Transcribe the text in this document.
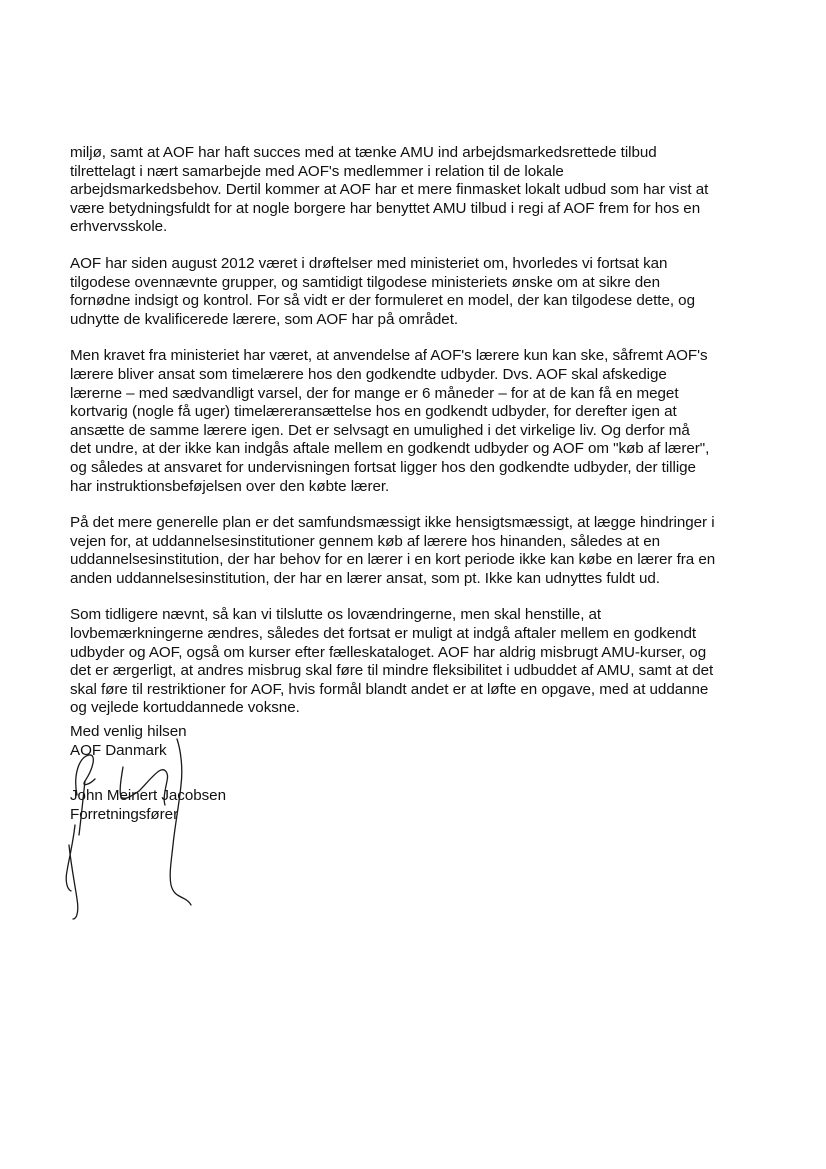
miljø, samt at AOF har haft succes med at tænke AMU ind arbejdsmarkedsrettede tilbud
tilrettelagt i nært samarbejde med AOF's medlemmer i relation til de lokale
arbejdsmarkedsbehov. Dertil kommer at AOF har et mere finmasket lokalt udbud som har vist at
være betydningsfuldt for at nogle borgere har benyttet AMU tilbud i regi af AOF frem for hos en
erhvervsskole.
AOF har siden august 2012 været i drøftelser med ministeriet om, hvorledes vi fortsat kan
tilgodese ovennævnte grupper, og samtidigt tilgodese ministeriets ønske om at sikre den
fornødne indsigt og kontrol. For så vidt er der formuleret en model, der kan tilgodese dette, og
udnytte de kvalificerede lærere, som AOF har på området.
Men kravet fra ministeriet har været, at anvendelse af AOF's lærere kun kan ske, såfremt AOF's
lærere bliver ansat som timelærere hos den godkendte udbyder. Dvs. AOF skal afskedige
lærerne – med sædvandligt varsel, der for mange er 6 måneder – for at de kan få en meget
kortvarig (nogle få uger) timelæreransættelse hos en godkendt udbyder, for derefter igen at
ansætte de samme lærere igen. Det er selvsagt en umulighed i det virkelige liv. Og derfor må
det undre, at der ikke kan indgås aftale mellem en godkendt udbyder og AOF om "køb af lærer",
og således at ansvaret for undervisningen fortsat ligger hos den godkendte udbyder, der tillige
har instruktionsbeføjelsen over den købte lærer.
På det mere generelle plan er det samfundsmæssigt ikke hensigtsmæssigt, at lægge hindringer i
vejen for, at uddannelsesinstitutioner gennem køb af lærere hos hinanden, således at en
uddannelsesinstitution, der har behov for en lærer i en kort periode ikke kan købe en lærer fra en
anden uddannelsesinstitution, der har en lærer ansat, som pt. Ikke kan udnyttes fuldt ud.
Som tidligere nævnt, så kan vi tilslutte os lovændringerne, men skal henstille, at
lovbemærkningerne ændres, således det fortsat er muligt at indgå aftaler mellem en godkendt
udbyder og AOF, også om kurser efter fælleskataloget. AOF har aldrig misbrugt AMU-kurser, og
det er ærgerligt, at andres misbrug skal føre til mindre fleksibilitet i udbuddet af AMU, samt at det
skal føre til restriktioner for AOF, hvis formål blandt andet er at løfte en opgave, med at uddanne
og vejlede kortuddannede voksne.
Med venlig hilsen
AOF Danmark
John Meinert Jacobsen
Forretningsfører
